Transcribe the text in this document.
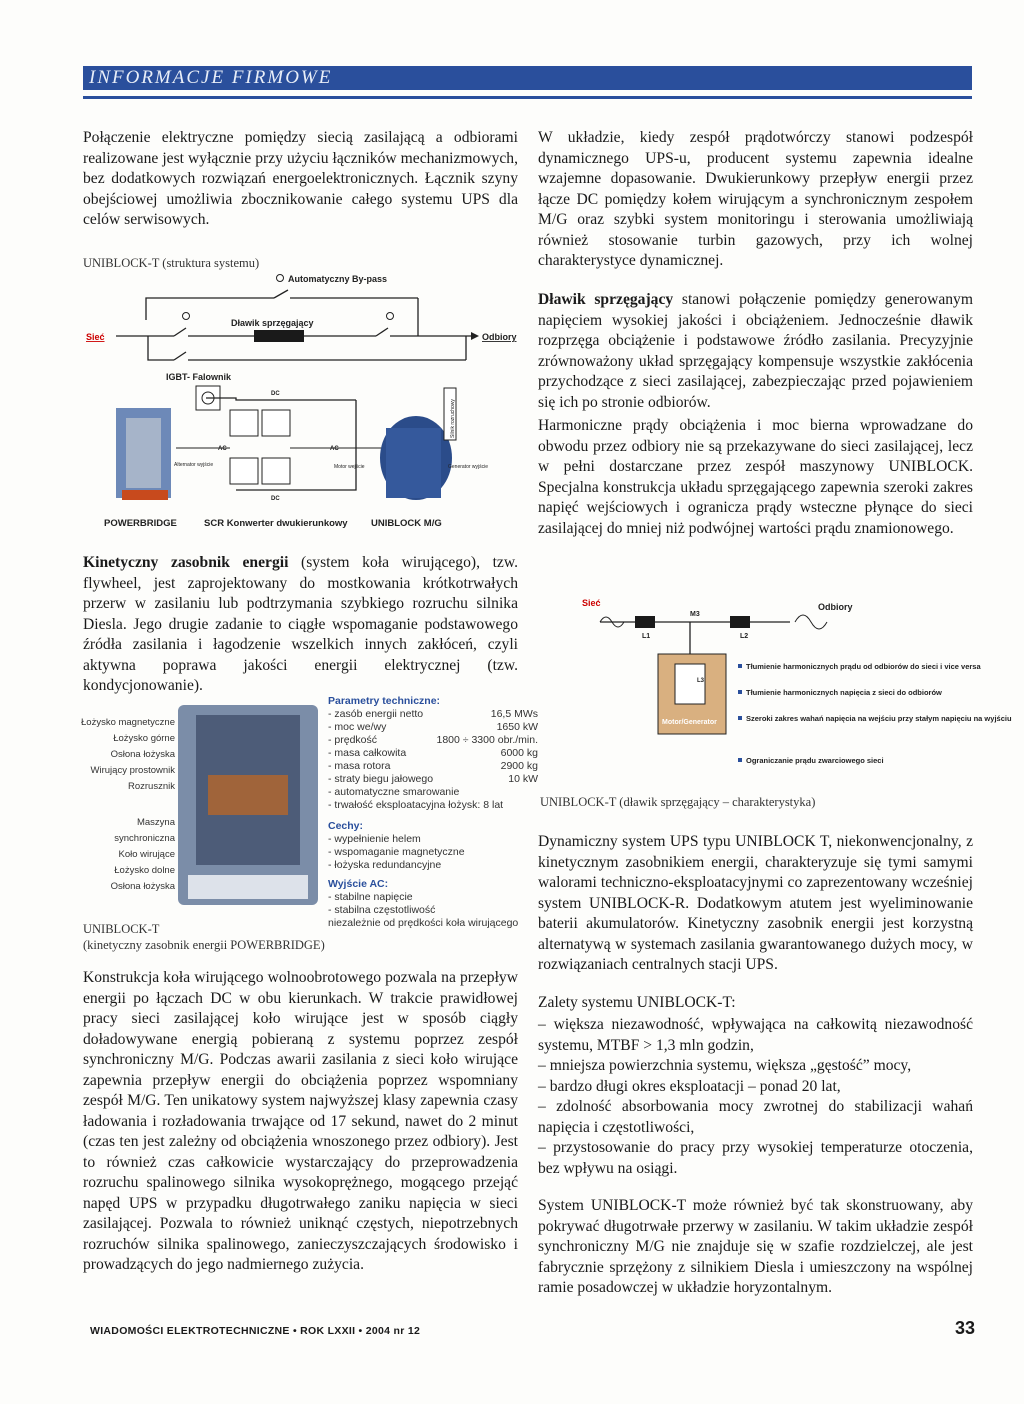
INFORMACJE FIRMOWE

Połączenie elektryczne pomiędzy siecią zasilającą a odbiorami realizowane jest wyłącznie przy użyciu łączników mechanizmowych, bez dodatkowych rozwiązań energoelektronicznych. Łącznik szyny obejściowej umożliwia zbocznikowanie całego systemu UPS dla celów serwisowych.

UNIBLOCK-T (struktura systemu)
Automatyczny By-pass
Dławik sprzęgający
Sieć	Odbiory
IGBT- Falownik
DC
DC
AC	AC
Alternator wyjście	Motor wejście	Generator wyjście
Silnik rozruchowy
POWERBRIDGE	SCR Konwerter dwukierunkowy UNIBLOCK M/G

Kinetyczny zasobnik energii (system koła wirującego), tzw. flywheel, jest zaprojektowany do mostkowania krótkotrwałych przerw w zasilaniu lub podtrzymania szybkiego rozruchu silnika Diesla. Jego drugie zadanie to ciągłe wspomaganie podstawowego źródła zasilania i łagodzenie wszelkich innych zakłóceń, czyli aktywna poprawa jakości energii elektrycznej (tzw. kondycjonowanie).

Łożysko magnetyczne
Łożysko górne
Osłona łożyska
Wirujący prostownik
Rozrusznik
Maszyna synchroniczna
Koło wirujące
Łożysko dolne
Osłona łożyska
Parametry techniczne:
- zasób energii netto	16,5 MWs
- moc we/wy	1650 kW
- prędkość	1800 ÷ 3300 obr./min.
- masa całkowita	6000 kg
- masa rotora	2900 kg
- straty biegu jałowego	10 kW
- automatyczne smarowanie
- trwałość eksploatacyjna łożysk: 8 lat
Cechy:
- wypełnienie helem
- wspomaganie magnetyczne
- łożyska redundancyjne
Wyjście AC:
- stabilne napięcie
- stabilna częstotliwość
niezależnie od prędkości koła wirującego
UNIBLOCK-T
(kinetyczny zasobnik energii POWERBRIDGE)

Konstrukcja koła wirującego wolnoobrotowego pozwala na przepływ energii po łączach DC w obu kierunkach. W trakcie prawidłowej pracy sieci zasilającej koło wirujące jest w sposób ciągły doładowywane energią pobieraną z systemu poprzez zespół synchroniczny M/G. Podczas awarii zasilania z sieci koło wirujące zapewnia przepływ energii do obciążenia poprzez wspomniany zespół M/G. Ten unikatowy system najwyższej klasy zapewnia czasy ładowania i rozładowania trwające od 17 sekund, nawet do 2 minut (czas ten jest zależny od obciążenia wnoszonego przez odbiory). Jest to również czas całkowicie wystarczający do przeprowadzenia rozruchu spalinowego silnika wysokoprężnego, mogącego przejąć napęd UPS w przypadku długotrwałego zaniku napięcia w sieci zasilającej. Pozwala to również uniknąć częstych, niepotrzebnych rozruchów silnika spalinowego, zanieczyszczających środowisko i prowadzących do jego nadmiernego zużycia.

W układzie, kiedy zespół prądotwórczy stanowi podzespół dynamicznego UPS-u, producent systemu zapewnia idealne wzajemne dopasowanie. Dwukierunkowy przepływ energii przez łącze DC pomiędzy kołem wirującym a synchronicznym zespołem M/G oraz szybki system monitoringu i sterowania umożliwiają również stosowanie turbin gazowych, przy ich wolnej charakterystyce dynamicznej.

Dławik sprzęgający stanowi połączenie pomiędzy generowanym napięciem wysokiej jakości i obciążeniem. Jednocześnie dławik rozprzęga obciążenie i podstawowe źródło zasilania. Precyzyjnie zrównoważony układ sprzęgający kompensuje wszystkie zakłócenia przychodzące z sieci zasilającej, zabezpieczając przed pojawieniem się ich po stronie odbiorów.

Harmoniczne prądy obciążenia i moc bierna wprowadzane do obwodu przez odbiory nie są przekazywane do sieci zasilającej, lecz w pełni dostarczane przez zespół maszynowy UNIBLOCK. Specjalna konstrukcja układu sprzęgającego zapewnia szeroki zakres napięć wejściowych i ogranicza prądy wsteczne płynące do sieci zasilającej do mniej niż podwójnej wartości prądu znamionowego.

Sieć	Odbiory
L1	L2
M3
L3
Motor/Generator
Tłumienie harmonicznych prądu od odbiorów do sieci i vice versa
Tłumienie harmonicznych napięcia z sieci do odbiorów
Szeroki zakres wahań napięcia na wejściu przy stałym napięciu na wyjściu
Ograniczanie prądu zwarciowego sieci
UNIBLOCK-T (dławik sprzęgający – charakterystyka)

Dynamiczny system UPS typu UNIBLOCK T, niekonwencjonalny, z kinetycznym zasobnikiem energii, charakteryzuje się tymi samymi walorami techniczno-eksploatacyjnymi co zaprezentowany wcześniej system UNIBLOCK-R. Dodatkowym atutem jest wyeliminowanie baterii akumulatorów. Kinetyczny zasobnik energii jest korzystną alternatywą w systemach zasilania gwarantowanego dużych mocy, w rozwiązaniach centralnych stacji UPS.

Zalety systemu UNIBLOCK-T:

– większa niezawodność, wpływająca na całkowitą niezawodność systemu, MTBF > 1,3 mln godzin,
– mniejsza powierzchnia systemu, większa „gęstość” mocy,
– bardzo długi okres eksploatacji – ponad 20 lat,
– zdolność absorbowania mocy zwrotnej do stabilizacji wahań napięcia i częstotliwości,
– przystosowanie do pracy przy wysokiej temperaturze otoczenia, bez wpływu na osiągi.

System UNIBLOCK-T może również być tak skonstruowany, aby pokrywać długotrwałe przerwy w zasilaniu. W takim układzie zespół synchroniczny M/G nie znajduje się w szafie rozdzielczej, ale jest fabrycznie sprzężony z silnikiem Diesla i umieszczony na wspólnej ramie posadowczej w układzie horyzontalnym.

WIADOMOŚCI ELEKTROTECHNICZNE • ROK LXXII • 2004 nr 12	33
